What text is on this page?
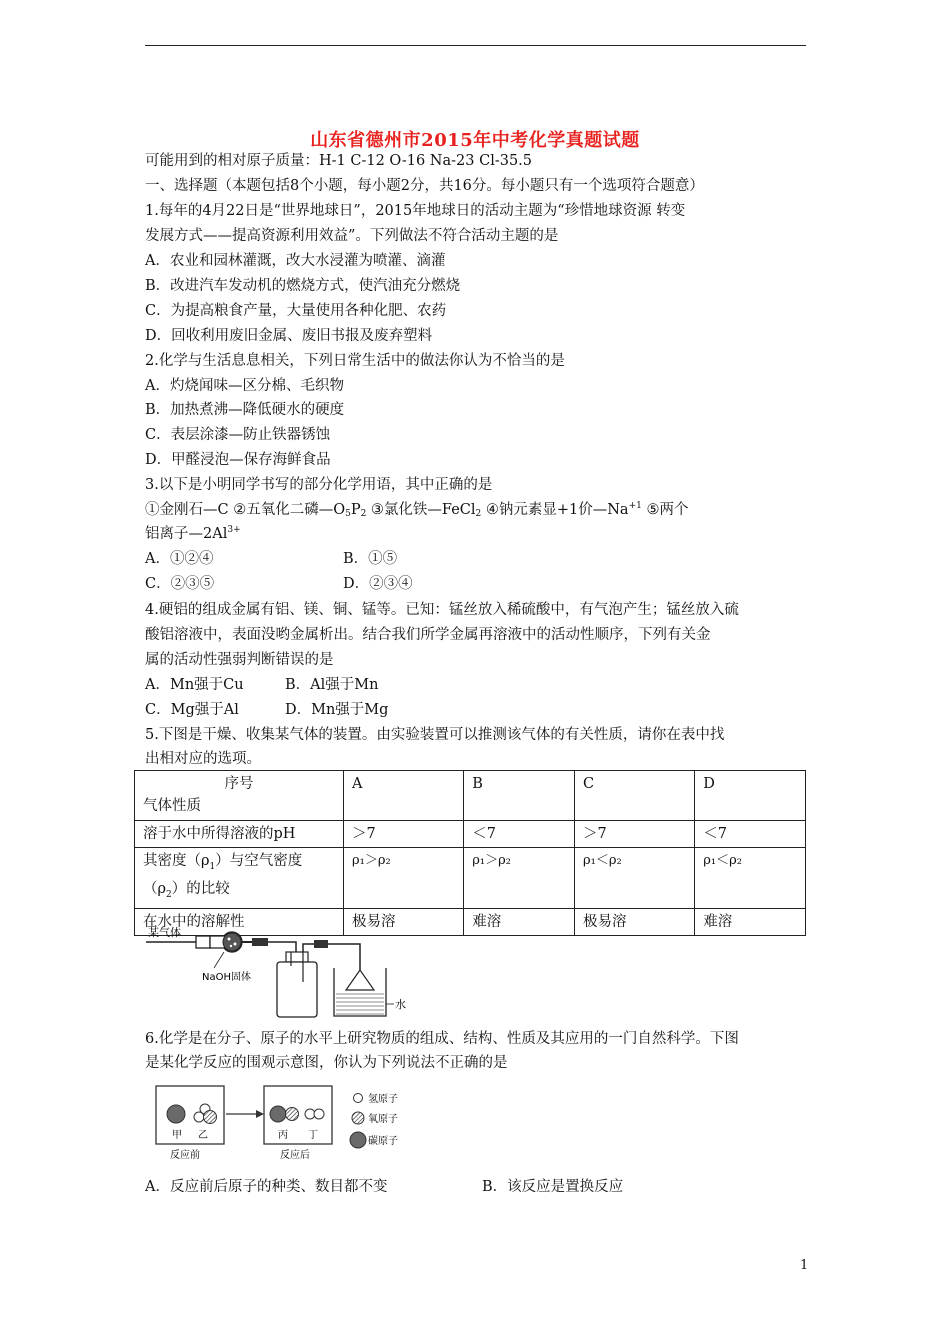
山东省德州市2015年中考化学真题试题
可能用到的相对原子质量：H-1 C-12 O-16 Na-23 Cl-35.5
一、选择题（本题包括8个小题，每小题2分，共16分。每小题只有一个选项符合题意）
1.每年的4月22日是“世界地球日”，2015年地球日的活动主题为“珍惜地球资源 转变
发展方式——提高资源利用效益”。下列做法不符合活动主题的是
A．农业和园林灌溉，改大水浸灌为喷灌、滴灌
B．改进汽车发动机的燃烧方式，使汽油充分燃烧
C．为提高粮食产量，大量使用各种化肥、农药
D．回收利用废旧金属、废旧书报及废弃塑料
2.化学与生活息息相关，下列日常生活中的做法你认为不恰当的是
A．灼烧闻味—区分棉、毛织物
B．加热煮沸—降低硬水的硬度
C．表层涂漆—防止铁器锈蚀
D．甲醛浸泡—保存海鲜食品
3.以下是小明同学书写的部分化学用语，其中正确的是
①金刚石—C ②五氧化二磷$—O_5P_2$ ③氯化铁—FeCl$_2$ ④钠元素显+1价$—Na^{+1}$ ⑤两个
铝离子$—2Al^{3+}$
A．①②④	B．①⑤
C．②③⑤	D．②③④
4.硬铝的组成金属有铝、镁、铜、锰等。已知：锰丝放入稀硫酸中，有气泡产生；锰丝放入硫
酸铝溶液中，表面没哟金属析出。结合我们所学金属再溶液中的活动性顺序，下列有关金
属的活动性强弱判断错误的是
A．Mn强于Cu	B．Al强于Mn
C．Mg强于Al	D．Mn强于Mg
5.下图是干燥、收集某气体的装置。由实验装置可以推测该气体的有关性质，请你在表中找
出相对应的选项。
序号
气体性质	A	B	C	D
溶于水中所得溶液的pH	＞7	＜7	＞7	＜7

其密度$(\rho_1)$与空气密度
$(\rho_2)$的比较	ρ₁＞ρ₂	ρ₁＞ρ₂	ρ₁＜ρ₂	ρ₁＜ρ₂
在水中的溶解性	极易溶	难溶	极易溶	难溶
某气体
NaOH固体
水
6.化学是在分子、原子的水平上研究物质的组成、结构、性质及其应用的一门自然科学。下图
是某化学反应的围观示意图，你认为下列说法不正确的是
甲 乙
反应前
丙 丁
反应后
氢原子
氧原子
碳原子
A．反应前后原子的种类、数目都不变	B．该反应是置换反应
1
